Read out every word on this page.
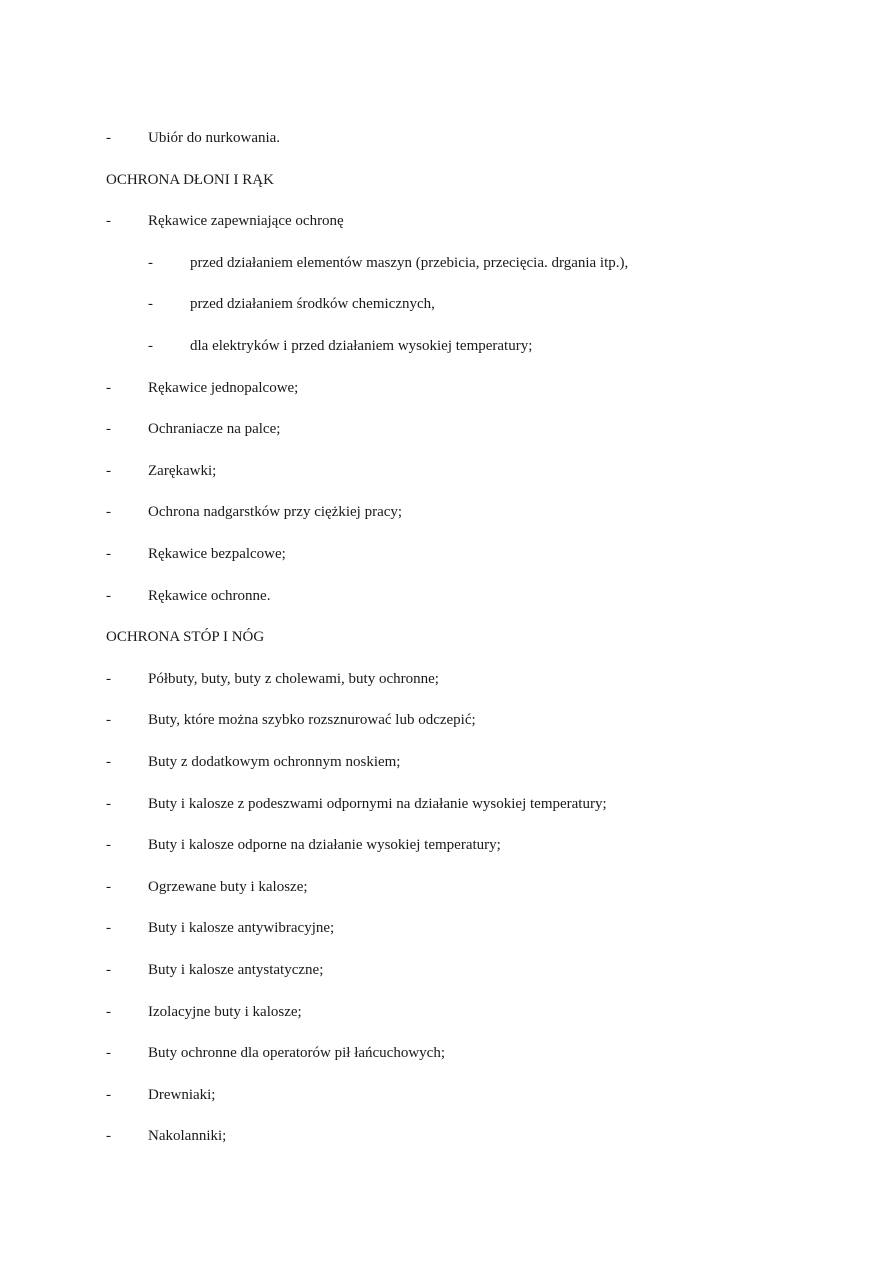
- Ubiór do nurkowania.
OCHRONA DŁONI I RĄK
- Rękawice zapewniające ochronę
- przed działaniem elementów maszyn (przebicia, przecięcia. drgania itp.),
- przed działaniem środków chemicznych,
- dla elektryków i przed działaniem wysokiej temperatury;
- Rękawice jednopalcowe;
- Ochraniacze na palce;
- Zarękawki;
- Ochrona nadgarstków przy ciężkiej pracy;
- Rękawice bezpalcowe;
- Rękawice ochronne.
OCHRONA STÓP I NÓG
- Półbuty, buty, buty z cholewami, buty ochronne;
- Buty, które można szybko rozsznurować lub odczepić;
- Buty z dodatkowym ochronnym noskiem;
- Buty i kalosze z podeszwami odpornymi na działanie wysokiej temperatury;
- Buty i kalosze odporne na działanie wysokiej temperatury;
- Ogrzewane buty i kalosze;
- Buty i kalosze antywibracyjne;
- Buty i kalosze antystatyczne;
- Izolacyjne buty i kalosze;
- Buty ochronne dla operatorów pił łańcuchowych;
- Drewniaki;
- Nakolanniki;
